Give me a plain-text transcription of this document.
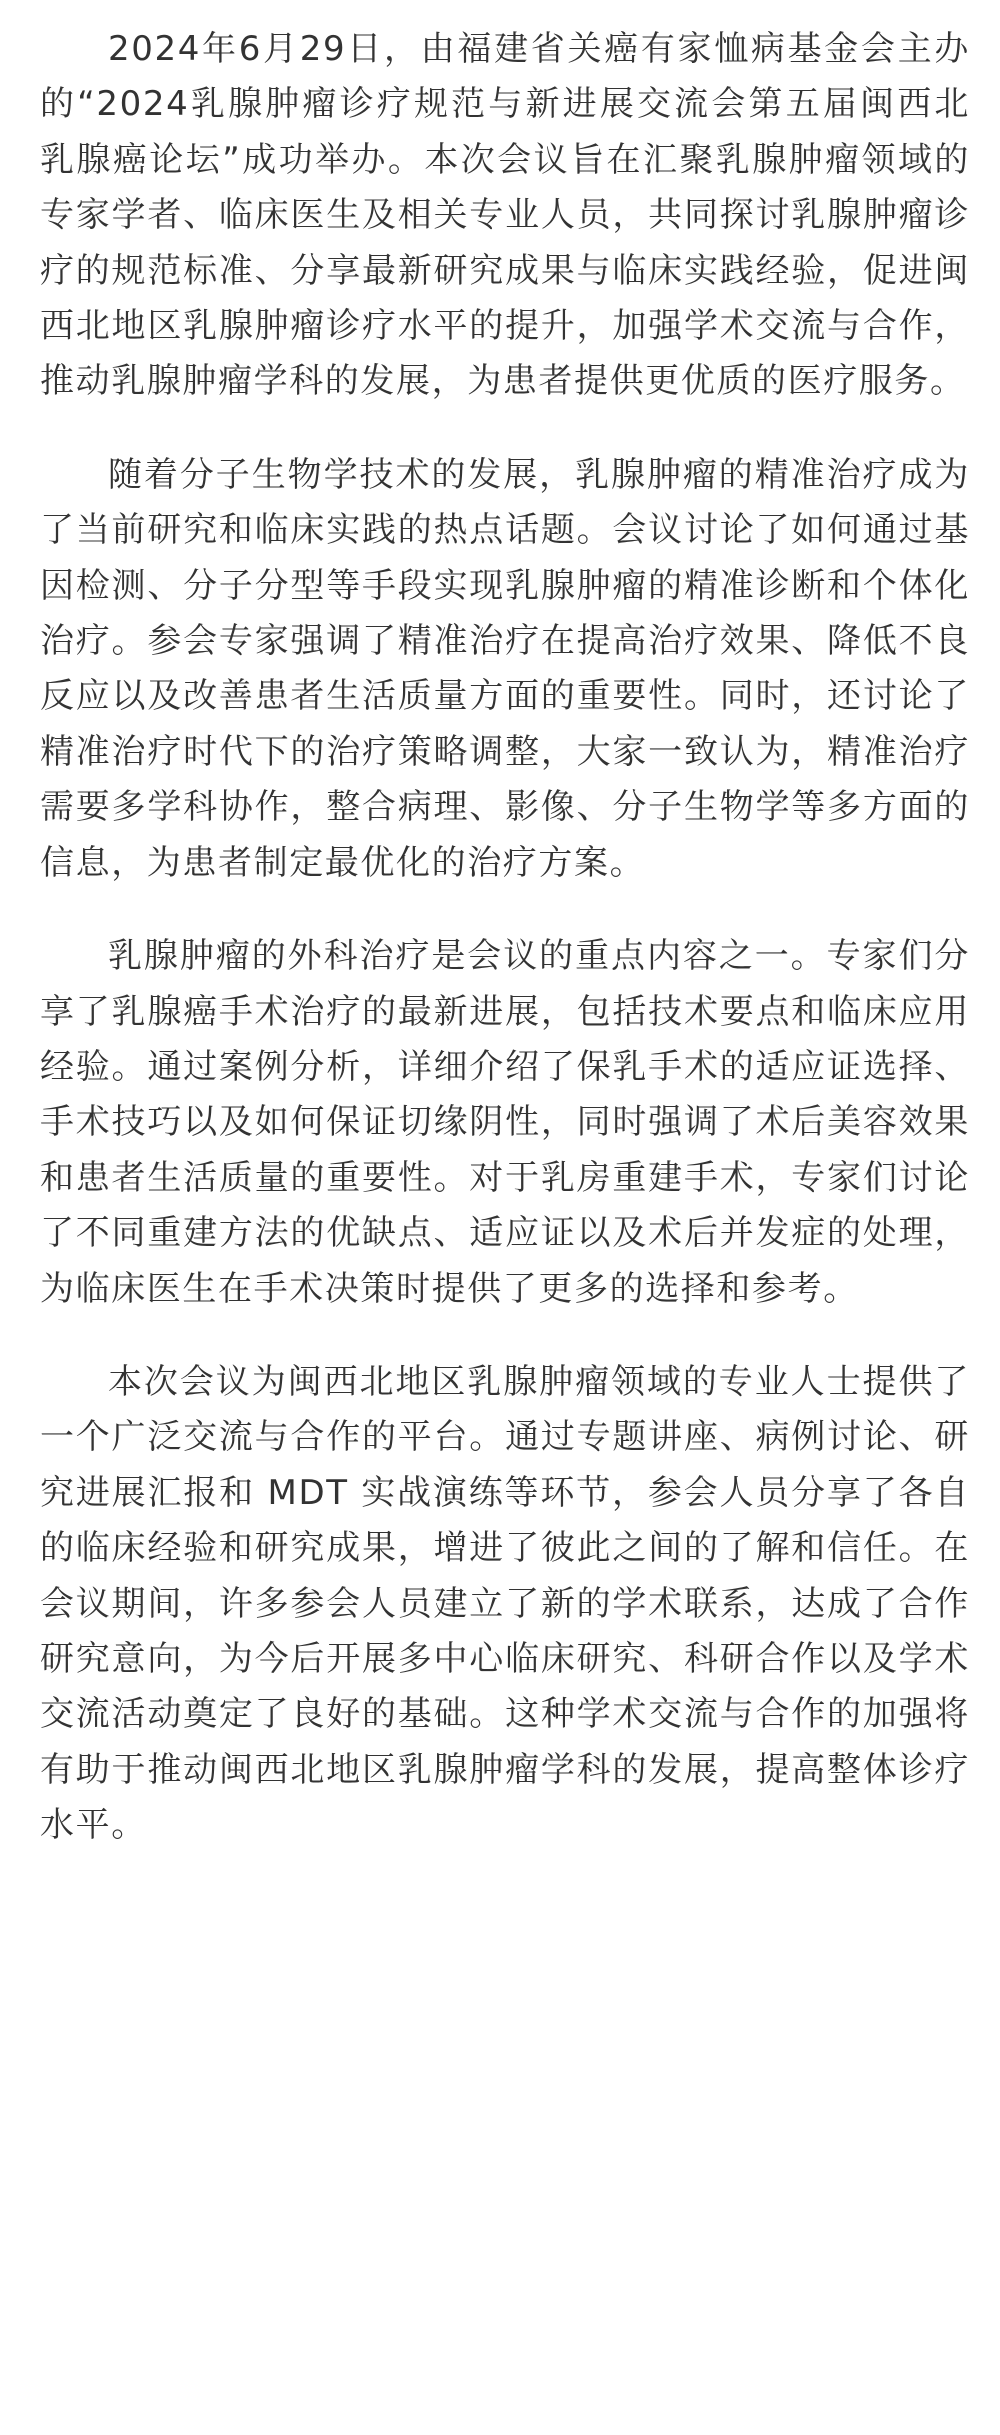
2024年6月29日，由福建省关癌有家恤病基金会主办的“2024乳腺肿瘤诊疗规范与新进展交流会第五届闽西北乳腺癌论坛”成功举办。本次会议旨在汇聚乳腺肿瘤领域的专家学者、临床医生及相关专业人员，共同探讨乳腺肿瘤诊疗的规范标准、分享最新研究成果与临床实践经验，促进闽西北地区乳腺肿瘤诊疗水平的提升，加强学术交流与合作，推动乳腺肿瘤学科的发展，为患者提供更优质的医疗服务。

随着分子生物学技术的发展，乳腺肿瘤的精准治疗成为了当前研究和临床实践的热点话题。会议讨论了如何通过基因检测、分子分型等手段实现乳腺肿瘤的精准诊断和个体化治疗。参会专家强调了精准治疗在提高治疗效果、降低不良反应以及改善患者生活质量方面的重要性。同时，还讨论了精准治疗时代下的治疗策略调整，大家一致认为，精准治疗需要多学科协作，整合病理、影像、分子生物学等多方面的信息，为患者制定最优化的治疗方案。

乳腺肿瘤的外科治疗是会议的重点内容之一。专家们分享了乳腺癌手术治疗的最新进展，包括技术要点和临床应用经验。通过案例分析，详细介绍了保乳手术的适应证选择、手术技巧以及如何保证切缘阴性，同时强调了术后美容效果和患者生活质量的重要性。对于乳房重建手术，专家们讨论了不同重建方法的优缺点、适应证以及术后并发症的处理，为临床医生在手术决策时提供了更多的选择和参考。

本次会议为闽西北地区乳腺肿瘤领域的专业人士提供了一个广泛交流与合作的平台。通过专题讲座、病例讨论、研究进展汇报和 MDT 实战演练等环节，参会人员分享了各自的临床经验和研究成果，增进了彼此之间的了解和信任。在会议期间，许多参会人员建立了新的学术联系，达成了合作研究意向，为今后开展多中心临床研究、科研合作以及学术交流活动奠定了良好的基础。这种学术交流与合作的加强将有助于推动闽西北地区乳腺肿瘤学科的发展，提高整体诊疗水平。
